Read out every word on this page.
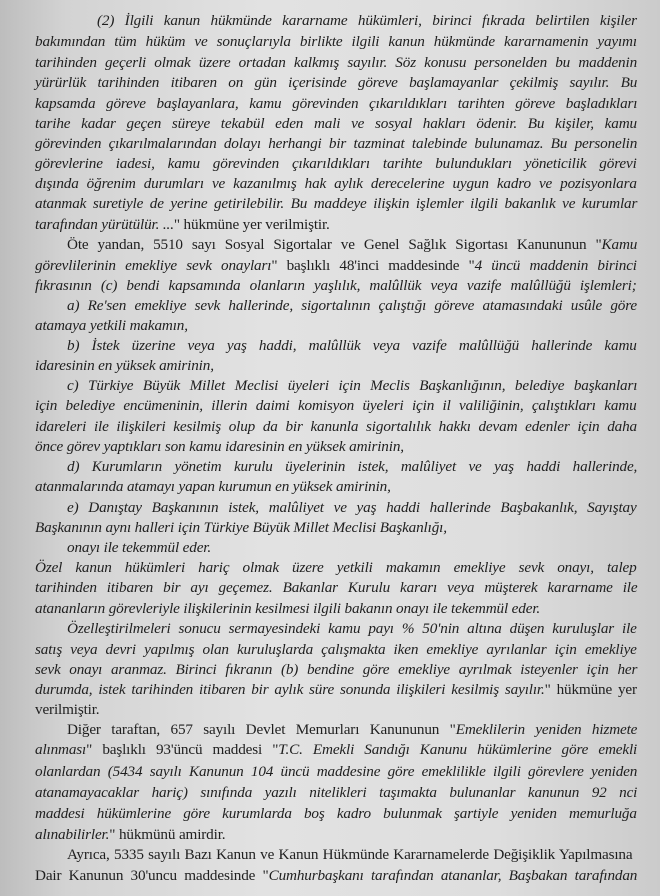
(2) İlgili kanun hükmünde kararname hükümleri, birinci fıkrada belirtilen kişiler
bakımından tüm hüküm ve sonuçlarıyla birlikte ilgili kanun hükmünde kararnamenin yayımı
tarihinden geçerli olmak üzere ortadan kalkmış sayılır. Söz konusu personelden bu maddenin
yürürlük tarihinden itibaren on gün içerisinde göreve başlamayanlar çekilmiş sayılır. Bu
kapsamda göreve başlayanlara, kamu görevinden çıkarıldıkları tarihten göreve başladıkları
tarihe kadar geçen süreye tekabül eden mali ve sosyal hakları ödenir. Bu kişiler, kamu
görevinden çıkarılmalarından dolayı herhangi bir tazminat talebinde bulunamaz. Bu personelin
görevlerine iadesi, kamu görevinden çıkarıldıkları tarihte bulundukları yöneticilik görevi
dışında öğrenim durumları ve kazanılmış hak aylık derecelerine uygun kadro ve pozisyonlara
atanmak suretiyle de yerine getirilebilir. Bu maddeye ilişkin işlemler ilgili bakanlık ve kurumlar
tarafından yürütülür. ..." hükmüne yer verilmiştir.
Öte yandan, 5510 sayı Sosyal Sigortalar ve Genel Sağlık Sigortası Kanununun "Kamu
görevlilerinin emekliye sevk onayları" başlıklı 48'inci maddesinde "4 üncü maddenin birinci
fıkrasının (c) bendi kapsamında olanların yaşlılık, malûllük veya vazife malûllüğü işlemleri;
a) Re'sen emekliye sevk hallerinde, sigortalının çalıştığı göreve atamasındaki usûle göre
atamaya yetkili makamın,
b) İstek üzerine veya yaş haddi, malûllük veya vazife malûllüğü hallerinde kamu
idaresinin en yüksek amirinin,
c) Türkiye Büyük Millet Meclisi üyeleri için Meclis Başkanlığının, belediye başkanları
için belediye encümeninin, illerin daimi komisyon üyeleri için il valiliğinin, çalıştıkları kamu
idareleri ile ilişkileri kesilmiş olup da bir kanunla sigortalılık hakkı devam edenler için daha
önce görev yaptıkları son kamu idaresinin en yüksek amirinin,
d) Kurumların yönetim kurulu üyelerinin istek, malûliyet ve yaş haddi hallerinde,
atanmalarında atamayı yapan kurumun en yüksek amirinin,
e) Danıştay Başkanının istek, malûliyet ve yaş haddi hallerinde Başbakanlık, Sayıştay
Başkanının aynı halleri için Türkiye Büyük Millet Meclisi Başkanlığı,
onayı ile tekemmül eder.
Özel kanun hükümleri hariç olmak üzere yetkili makamın emekliye sevk onayı, talep
tarihinden itibaren bir ayı geçemez. Bakanlar Kurulu kararı veya müşterek kararname ile
atananların görevleriyle ilişkilerinin kesilmesi ilgili bakanın onayı ile tekemmül eder.
Özelleştirilmeleri sonucu sermayesindeki kamu payı % 50'nin altına düşen kuruluşlar ile
satış veya devri yapılmış olan kuruluşlarda çalışmakta iken emekliye ayrılanlar için emekliye
sevk onayı aranmaz. Birinci fıkranın (b) bendine göre emekliye ayrılmak isteyenler için her
durumda, istek tarihinden itibaren bir aylık süre sonunda ilişkileri kesilmiş sayılır." hükmüne yer
verilmiştir.
Diğer taraftan, 657 sayılı Devlet Memurları Kanununun "Emeklilerin yeniden hizmete
alınması" başlıklı 93'üncü maddesi "T.C. Emekli Sandığı Kanunu hükümlerine göre emekli
olanlardan (5434 sayılı Kanunun 104 üncü maddesine göre emeklilikle ilgili görevlere yeniden
atanamayacaklar hariç) sınıfında yazılı nitelikleri taşımakta bulunanlar kanunun 92 nci
maddesi hükümlerine göre kurumlarda boş kadro bulunmak şartiyle yeniden memurluğa
alınabilirler." hükmünü amirdir.
Ayrıca, 5335 sayılı Bazı Kanun ve Kanun Hükmünde Kararnamelerde Değişiklik Yapılmasına
Dair Kanunun 30'uncu maddesinde "Cumhurbaşkanı tarafından atananlar, Başbakan tarafından
